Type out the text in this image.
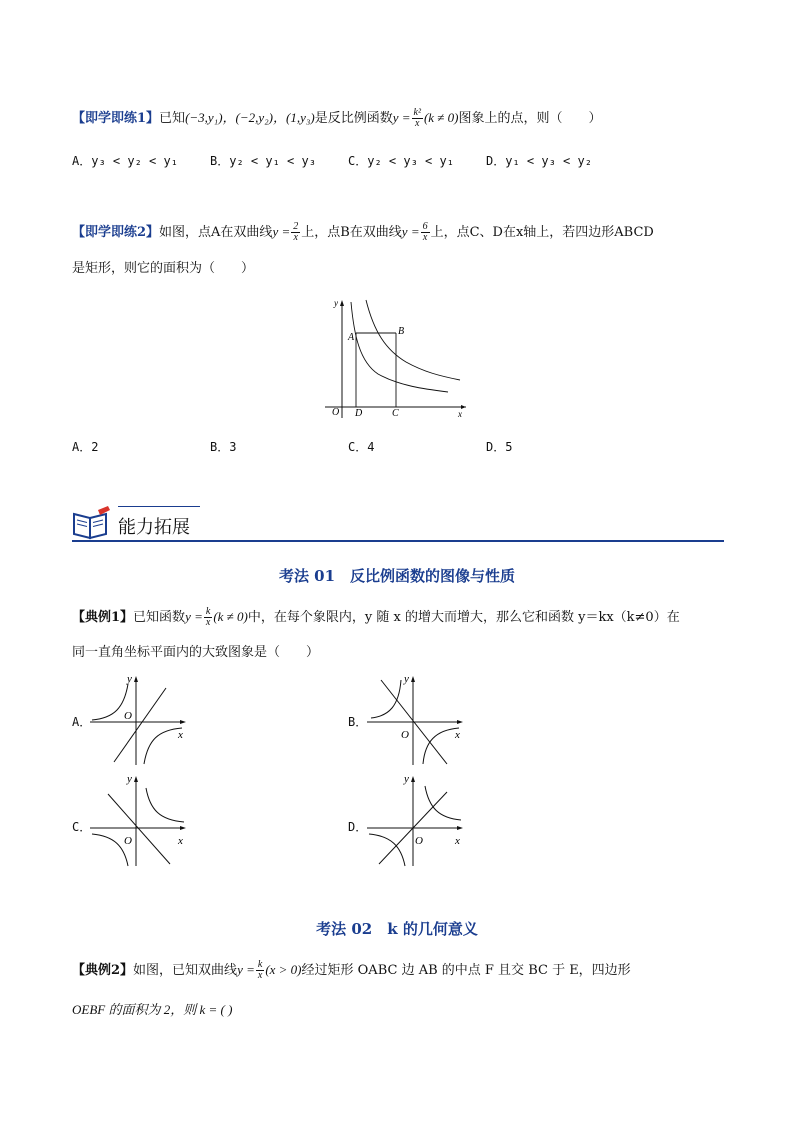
【即学即练1】已知(−3,y₁)，(−2,y₂)，(1,y₃)是反比例函数$y = \frac{\text{k²}}{x} (k \ne 0)$图象上的点，则（　　）
A．y₃ < y₂ < y₁	B．y₂ < y₁ < y₃	C．y₂ < y₃ < y₁	D．y₁ < y₃ < y₂
【即学即练2】如图，点A在双曲线$y = \frac{2}{x}$ 上，点B在双曲线$y = \frac{6}{x}$ 上，点C、D在x轴上，若四边形ABCD
是矩形，则它的面积为（　　）
y
x
O
A
B
C
D
A．2	B．3	C．4	D．5
能力拓展
考法 01　反比例函数的图像与性质
【典例1】已知函数$y = \frac{k}{x} (k \ne 0)$中，在每个象限内，y 随 x 的增大而增大，那么它和函数 y＝kx（k≠0）在
同一直角坐标平面内的大致图象是（　　）
A．
y
x
O	B．
y
x
O
C．
y
x
O
D．
y
x
O
考法 02　k 的几何意义
【典例2】如图，已知双曲线$y = \frac{k}{x} (x > 0)$经过矩形 OABC 边 AB 的中点 F 且交 BC 于 E，四边形
OEBF 的面积为 2，则 k = ( )
